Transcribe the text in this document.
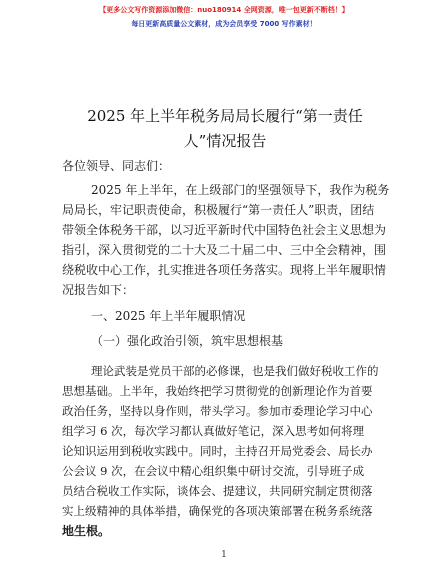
【更多公文写作资源添加微信：nuo180914 全网资源，唯一包更新不断档！】
每日更新高质量公文素材，成为会员享受 7000 写作素材！
2025 年上半年税务局局长履行“第一责任
人”情况报告
各位领导、同志们：
2025 年上半年，在上级部门的坚强领导下，我作为税务
局局长，牢记职责使命，积极履行“第一责任人”职责，团结
带领全体税务干部，以习近平新时代中国特色社会主义思想为
指引，深入贯彻党的二十大及二十届二中、三中全会精神，围
绕税收中心工作，扎实推进各项任务落实。现将上半年履职情
况报告如下：
一、2025 年上半年履职情况
（一）强化政治引领，筑牢思想根基
理论武装是党员干部的必修课，也是我们做好税收工作的
思想基础。上半年，我始终把学习贯彻党的创新理论作为首要
政治任务，坚持以身作则，带头学习。参加市委理论学习中心
组学习 6 次，每次学习都认真做好笔记，深入思考如何将理
论知识运用到税收实践中。同时，主持召开局党委会、局长办
公会议 9 次，在会议中精心组织集中研讨交流，引导班子成
员结合税收工作实际，谈体会、提建议，共同研究制定贯彻落
实上级精神的具体举措，确保党的各项决策部署在税务系统落
地生根。
1
